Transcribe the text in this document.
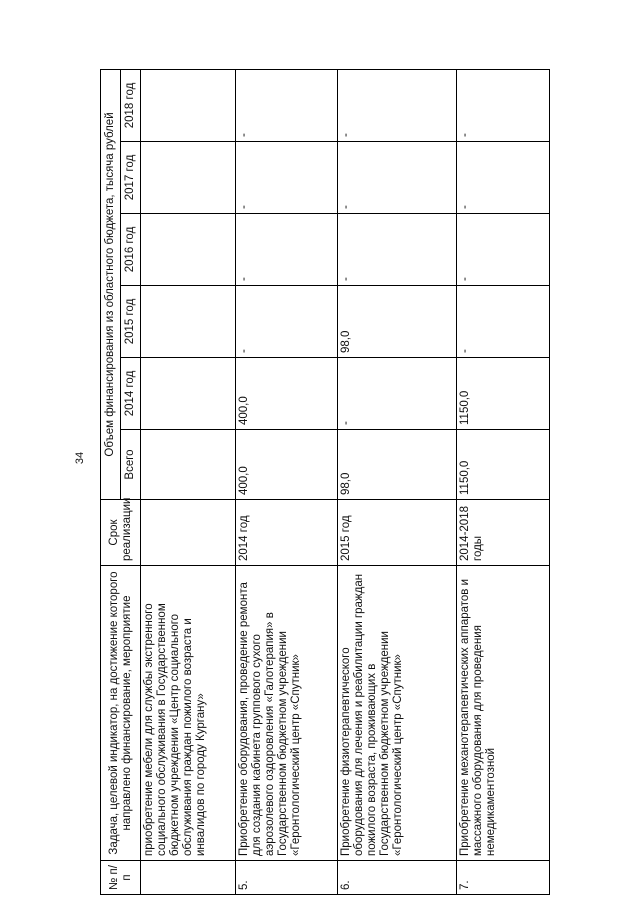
34
№ п/п	Задача, целевой индикатор, на достижение которого направлено финансирование, мероприятие	Срок реализации	Объем финансирования из областного бюджета, тысяча рублей					
			Всего	2014 год	2015 год	2016 год	2017 год	2018 год
	приобретение мебели для службы экстренного социального обслуживания в Государственном бюджетном учреждении «Центр социального обслуживания граждан пожилого возраста и инвалидов по городу Кургану»							
5.	Приобретение оборудования, проведение ремонта для создания кабинета группового сухого аэрозолевого оздоровления «Галотерапия» в Государственном бюджетном учреждении «Геронтологический центр «Спутник»	2014 год	400,0	400,0	-	-	-	-
6.	Приобретение физиотерапевтического оборудования для лечения и реабилитации граждан пожилого возраста, проживающих в Государственном бюджетном учреждении «Геронтологический центр «Спутник»	2015 год	98,0	-	98,0	-	-	-
7.	Приобретение механотерапевтических аппаратов и массажного оборудования для проведения немедикаментозной	2014-2018 годы	1150,0	1150,0	-	-	-	-
